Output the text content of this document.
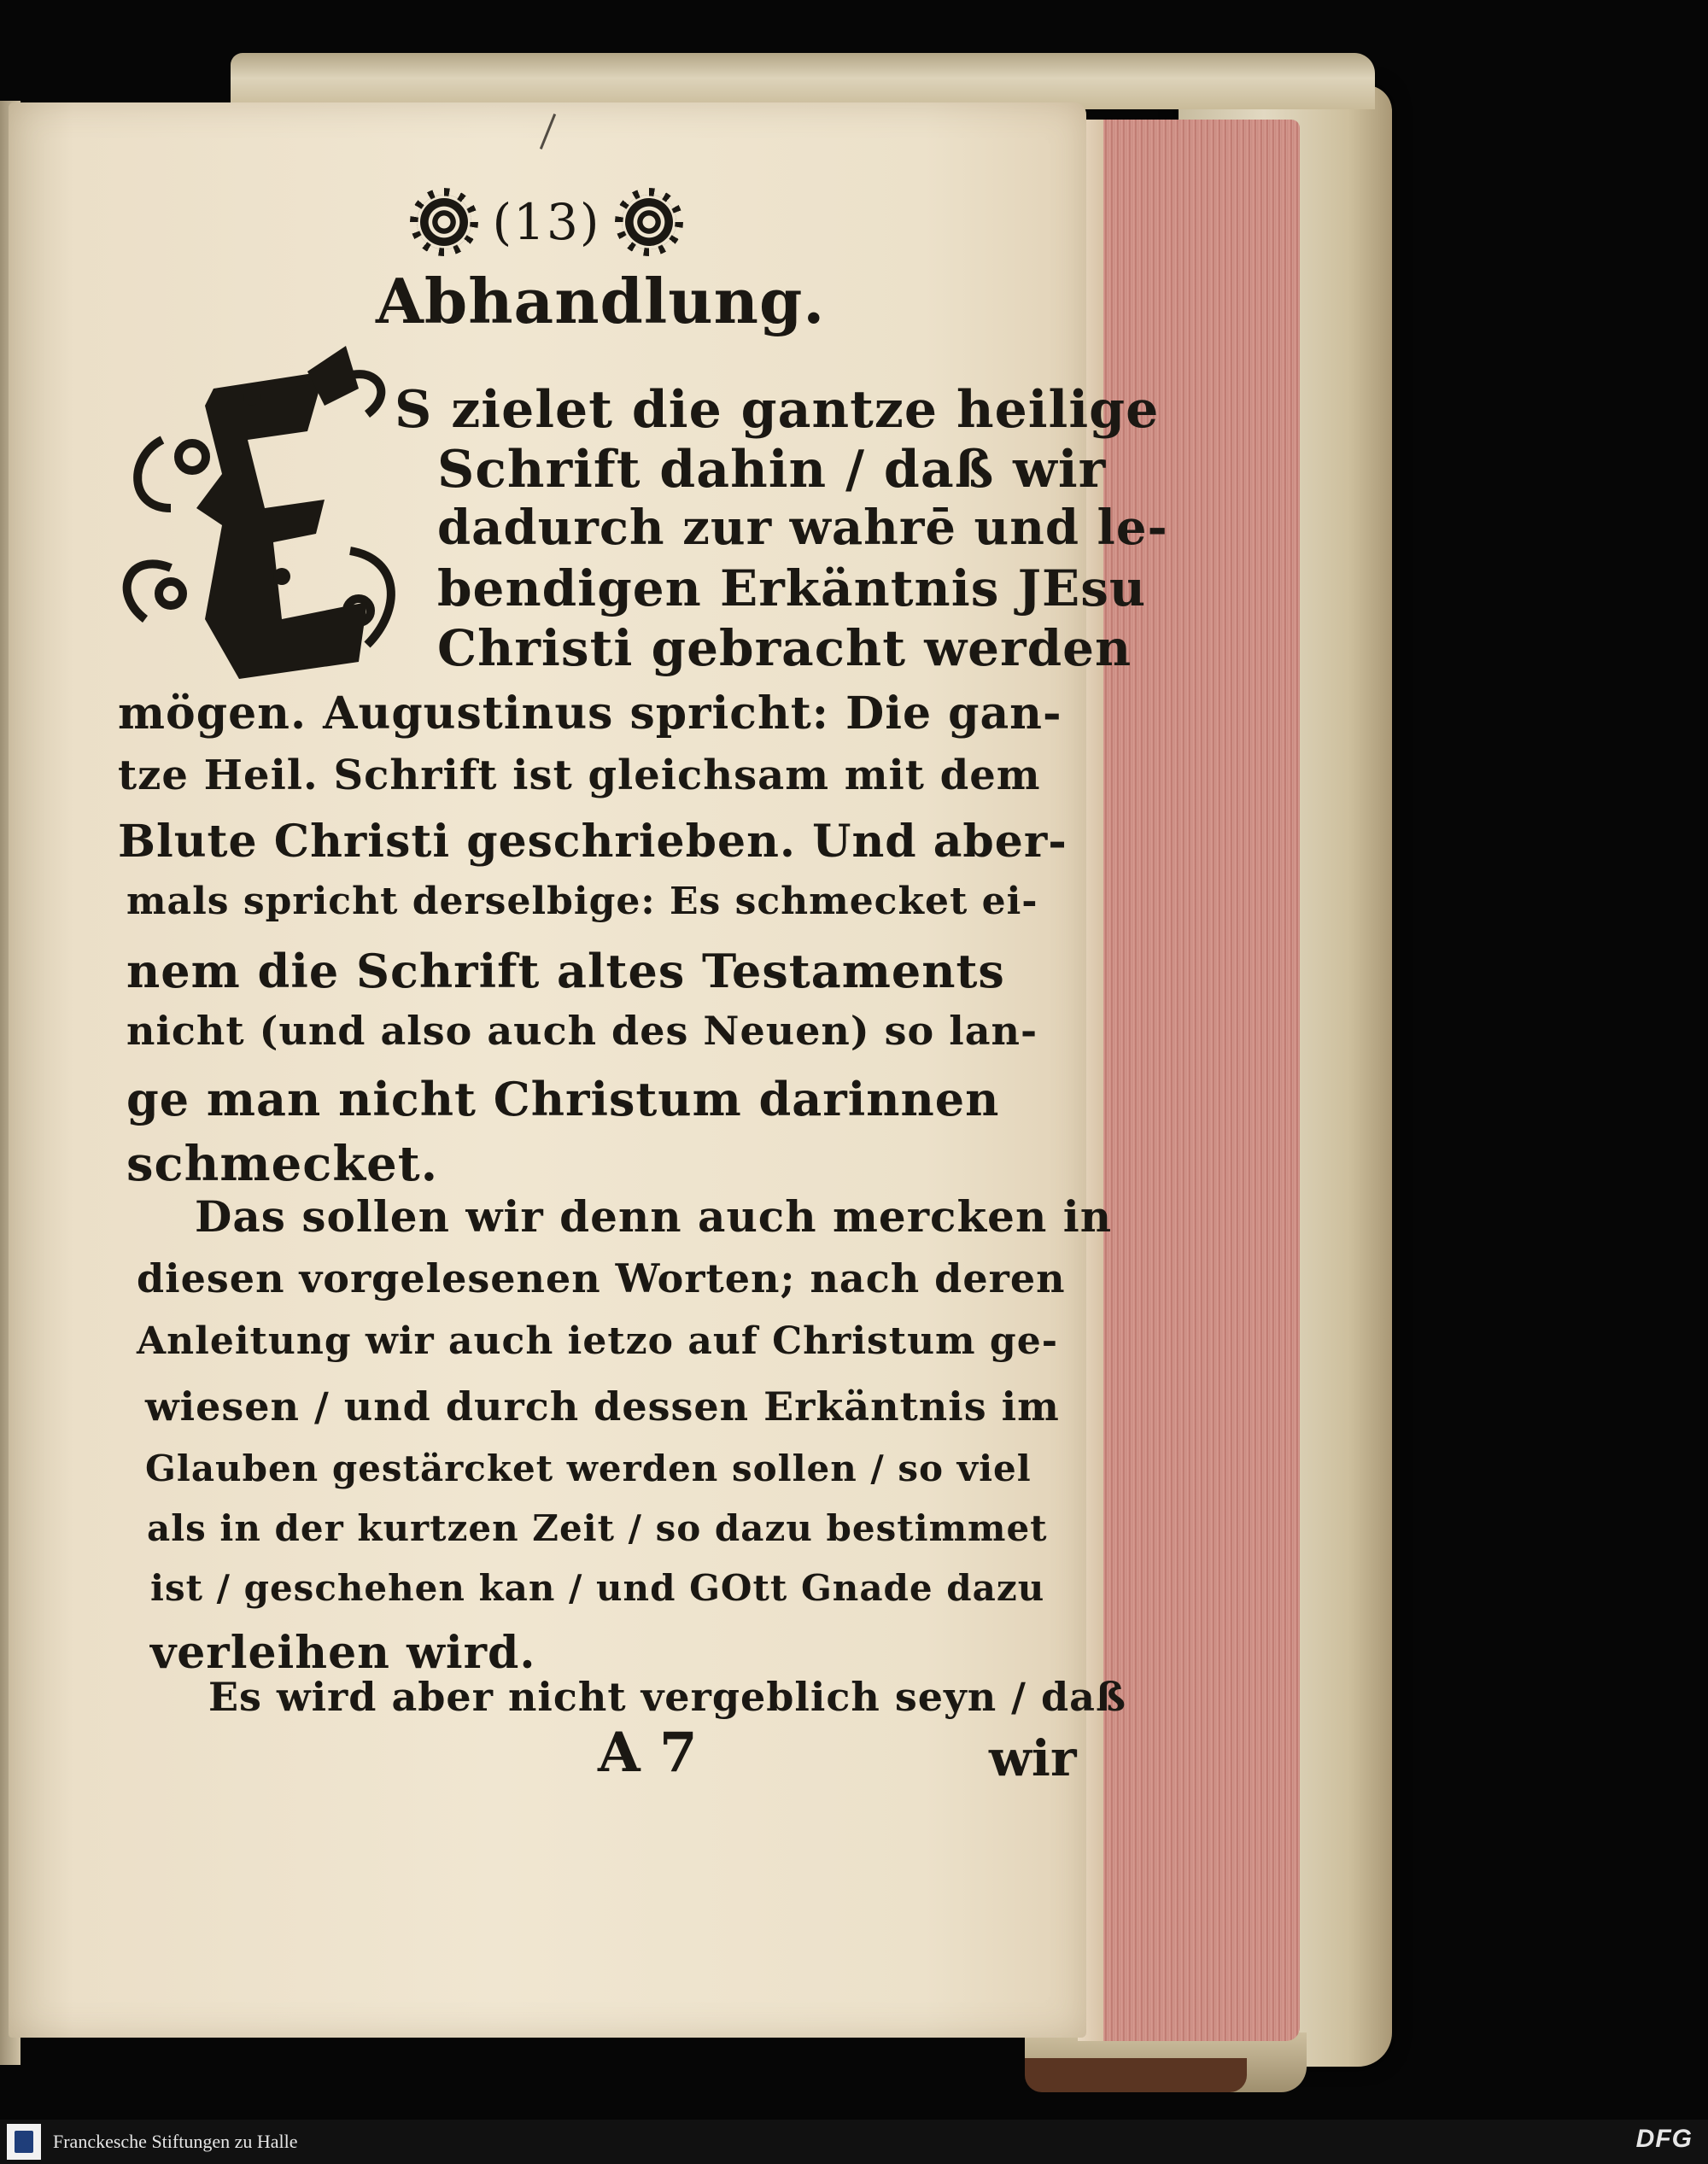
(13)
Abhandlung.
E
S zielet die gantze heilige
Schrift dahin / daß wir
dadurch zur wahrē und le-
bendigen Erkäntnis JEsu
Christi gebracht werden
mögen. Augustinus spricht: Die gan-
tze Heil. Schrift ist gleichsam mit dem
Blute Christi geschrieben. Und aber-
mals spricht derselbige: Es schmecket ei-
nem die Schrift altes Testaments
nicht (und also auch des Neuen) so lan-
ge man nicht Christum darinnen
schmecket.
Das sollen wir denn auch mercken in
diesen vorgelesenen Worten; nach deren
Anleitung wir auch ietzo auf Christum ge-
wiesen / und durch dessen Erkäntnis im
Glauben gestärcket werden sollen / so viel
als in der kurtzen Zeit / so dazu bestimmet
ist / geschehen kan / und GOtt Gnade dazu
verleihen wird.
Es wird aber nicht vergeblich seyn / daß
A 7	wir
Franckesche Stiftungen zu Halle	DFG
